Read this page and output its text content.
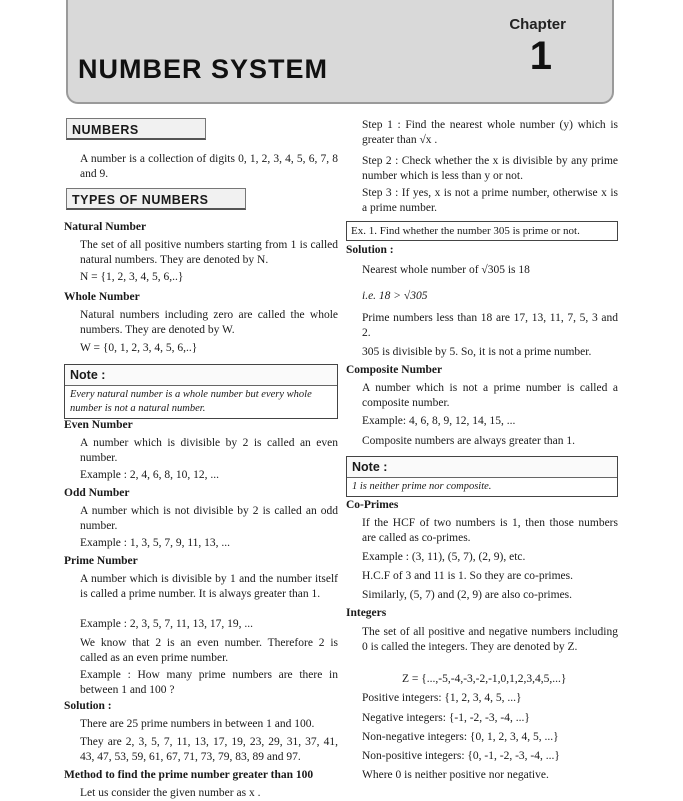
NUMBER SYSTEM
Chapter
1
NUMBERS
A number is a collection of digits 0, 1, 2, 3, 4, 5, 6, 7, 8 and 9.
TYPES OF NUMBERS
Natural Number
The set of all positive numbers starting from 1 is called natural numbers. They are denoted by N.
N = {1, 2, 3, 4, 5, 6,..}
Whole Number
Natural numbers including zero are called the whole numbers. They are denoted by W.
W = {0, 1, 2, 3, 4, 5, 6,..}
Note :
Every natural number is a whole number but every whole number is not a natural number.
Even Number
A number which is divisible by 2 is called an even number.
Example : 2, 4, 6, 8, 10, 12, ...
Odd Number
A number which is not divisible by 2 is called an odd number.
Example : 1, 3, 5, 7, 9, 11, 13, ...
Prime Number
A number which is divisible by 1 and the number itself is called a prime number. It is always greater than 1.
Example : 2, 3, 5, 7, 11, 13, 17, 19, ...
We know that 2 is an even number. Therefore 2 is called as an even prime number.
Example : How many prime numbers are there in between 1 and 100 ?
Solution :
There are 25 prime numbers in between 1 and 100.
They are 2, 3, 5, 7, 11, 13, 17, 19, 23, 29, 31, 37, 41, 43, 47, 53, 59, 61, 67, 71, 73, 79, 83, 89 and 97.
Method to find the prime number greater than 100
Let us consider the given number as x .
Step 1 : Find the nearest whole number (y) which is greater than √x .
Step 2 : Check whether the x is divisible by any prime number which is less than y or not.
Step 3 : If yes, x is not a prime number, otherwise x is a prime number.
Ex. 1. Find whether the number 305 is prime or not.
Solution :
Nearest whole number of √305 is 18
i.e. 18 > √305
Prime numbers less than 18 are 17, 13, 11, 7, 5, 3 and 2.
305 is divisible by 5. So, it is not a prime number.
Composite Number
A number which is not a prime number is called a composite number.
Example: 4, 6, 8, 9, 12, 14, 15, ...
Composite numbers are always greater than 1.
Note :
1 is neither prime nor composite.
Co-Primes
If the HCF of two numbers is 1, then those numbers are called as co-primes.
Example : (3, 11), (5, 7), (2, 9), etc.
H.C.F of 3 and 11 is 1. So they are co-primes.
Similarly, (5, 7) and (2, 9) are also co-primes.
Integers
The set of all positive and negative numbers including 0 is called the integers. They are denoted by Z.
Z = {...,-5,-4,-3,-2,-1,0,1,2,3,4,5,...}
Positive integers: {1, 2, 3, 4, 5, ...}
Negative integers: {-1, -2, -3, -4, ...}
Non-negative integers: {0, 1, 2, 3, 4, 5, ...}
Non-positive integers: {0, -1, -2, -3, -4, ...}
Where 0 is neither positive nor negative.
